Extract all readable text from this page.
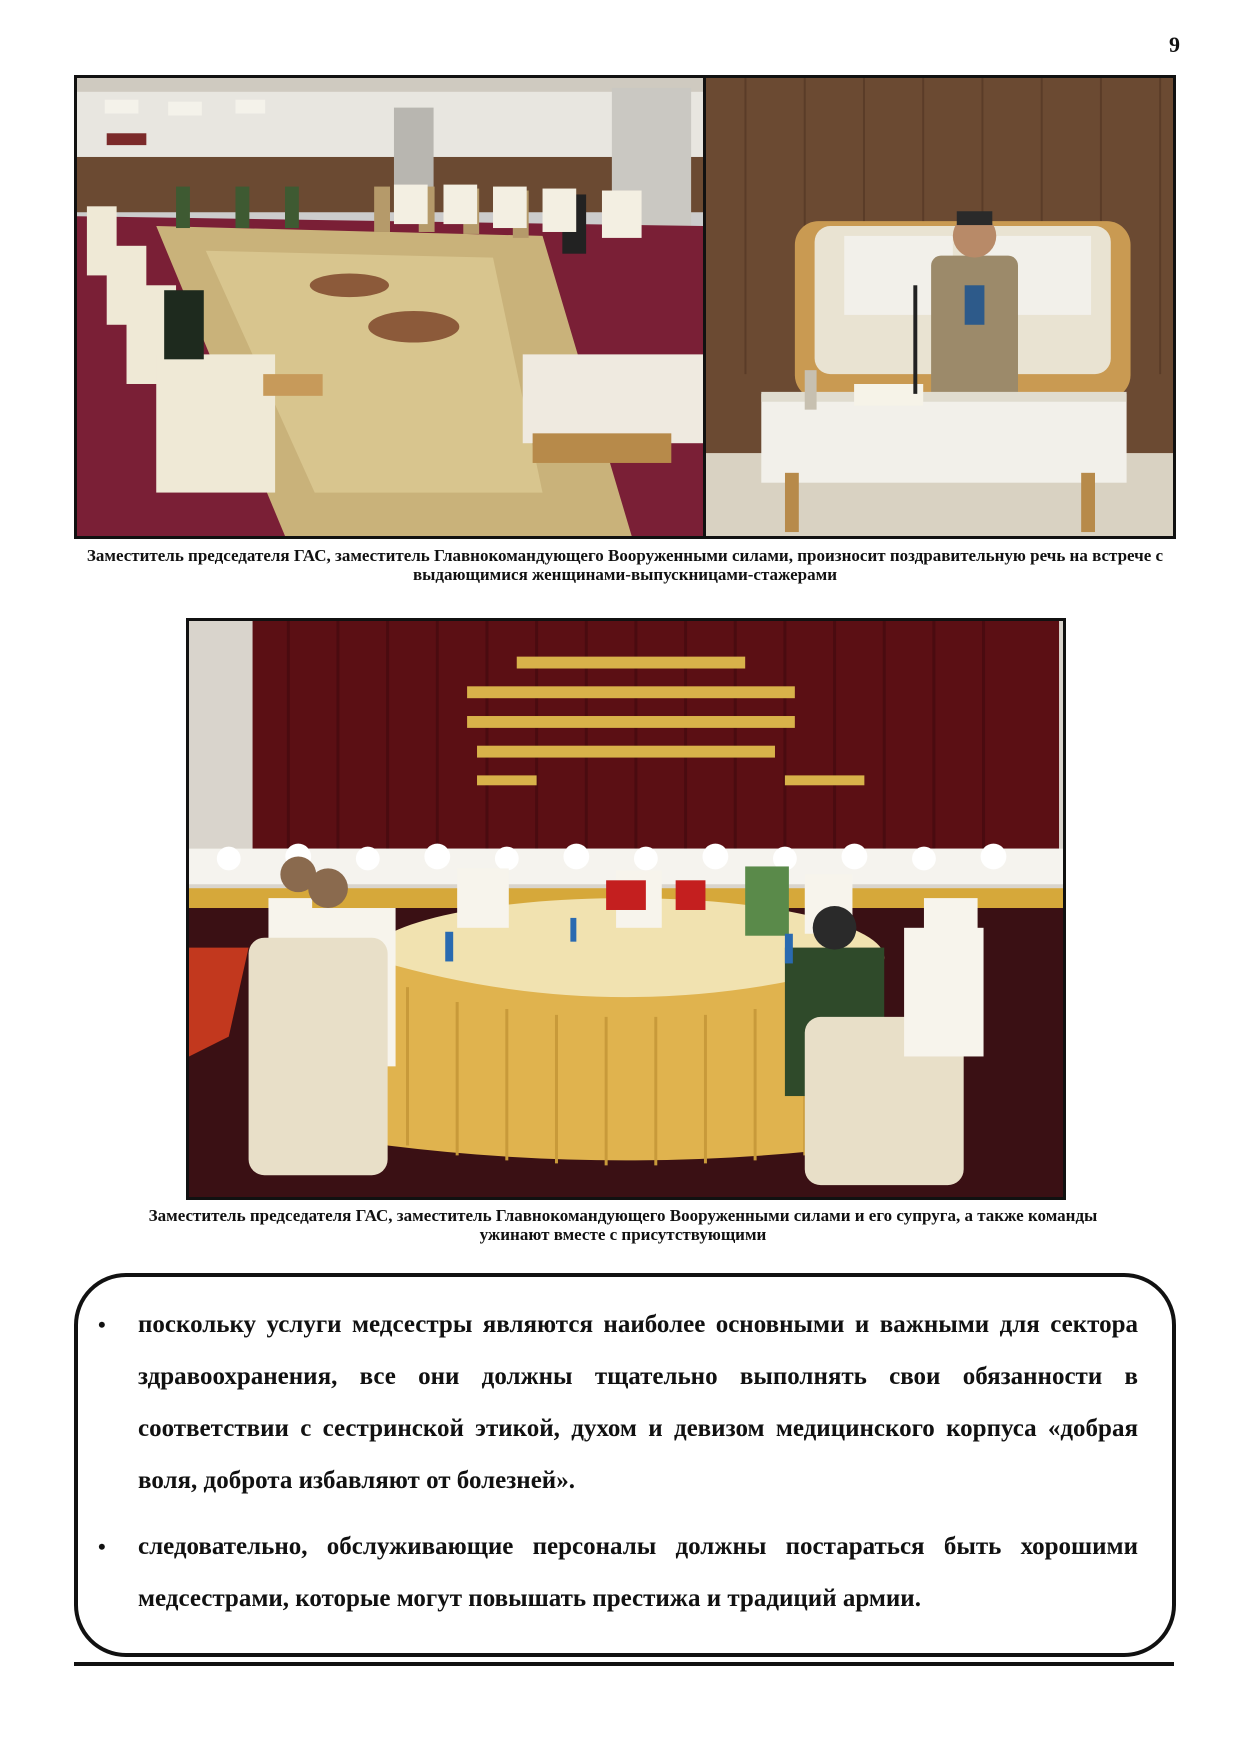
9
Заместитель председателя ГАС, заместитель Главнокомандующего Вооруженными силами, произносит поздравительную речь на встрече с выдающимися женщинами-выпускницами-стажерами
Заместитель председателя ГАС, заместитель Главнокомандующего Вооруженными силами и его супруга, а также команды ужинают вместе с присутствующими
• поскольку услуги медсестры являются наиболее основными и важными для сектора здравоохранения, все они должны тщательно выполнять свои обязанности в соответствии с сестринской этикой, духом и девизом медицинского корпуса «добрая воля, доброта избавляют от болезней».
• следовательно, обслуживающие персоналы должны постараться быть хорошими медсестрами, которые могут повышать престижа и традиций армии.
